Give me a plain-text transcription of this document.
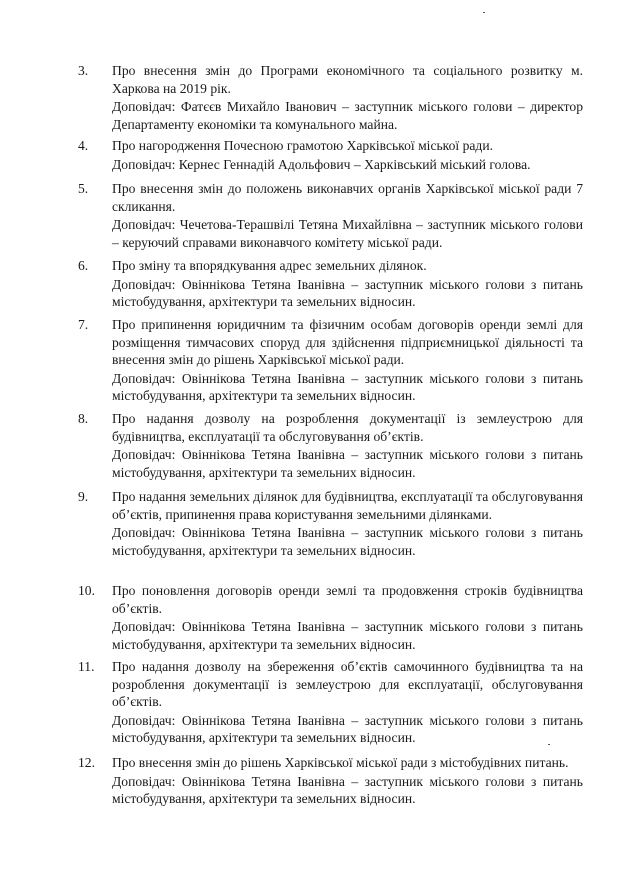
3.	Про внесення змін до Програми економічного та соціального розвитку м. Харкова на 2019 рік.
Доповідач: Фатєєв Михайло Іванович – заступник міського голови – директор Департаменту економіки та комунального майна.
4.	Про нагородження Почесною грамотою Харківської міської ради.
Доповідач: Кернес Геннадій Адольфович – Харківський міський голова.
5.	Про внесення змін до положень виконавчих органів Харківської міської ради 7 скликання.
Доповідач: Чечетова-Терашвілі Тетяна Михайлівна – заступник міського голови – керуючий справами виконавчого комітету міської ради.
6.	Про зміну та впорядкування адрес земельних ділянок.
Доповідач: Овіннікова Тетяна Іванівна – заступник міського голови з питань містобудування, архітектури та земельних відносин.
7.	Про припинення юридичним та фізичним особам договорів оренди землі для розміщення тимчасових споруд для здійснення підприємницької діяльності та внесення змін до рішень Харківської міської ради.
Доповідач: Овіннікова Тетяна Іванівна – заступник міського голови з питань містобудування, архітектури та земельних відносин.
8.	Про надання дозволу на розроблення документації із землеустрою для будівництва, експлуатації та обслуговування об’єктів.
Доповідач: Овіннікова Тетяна Іванівна – заступник міського голови з питань містобудування, архітектури та земельних відносин.
9.	Про надання земельних ділянок для будівництва, експлуатації та обслуговування об’єктів, припинення права користування земельними ділянками.
Доповідач: Овіннікова Тетяна Іванівна – заступник міського голови з питань містобудування, архітектури та земельних відносин.
10.	Про поновлення договорів оренди землі та продовження строків будівництва об’єктів.
Доповідач: Овіннікова Тетяна Іванівна – заступник міського голови з питань містобудування, архітектури та земельних відносин.
11.	Про надання дозволу на збереження об’єктів самочинного будівництва та на розроблення документації із землеустрою для експлуатації, обслуговування об’єктів.
Доповідач: Овіннікова Тетяна Іванівна – заступник міського голови з питань містобудування, архітектури та земельних відносин.
12.	Про внесення змін до рішень Харківської міської ради з містобудівних питань.
Доповідач: Овіннікова Тетяна Іванівна – заступник міського голови з питань містобудування, архітектури та земельних відносин.
